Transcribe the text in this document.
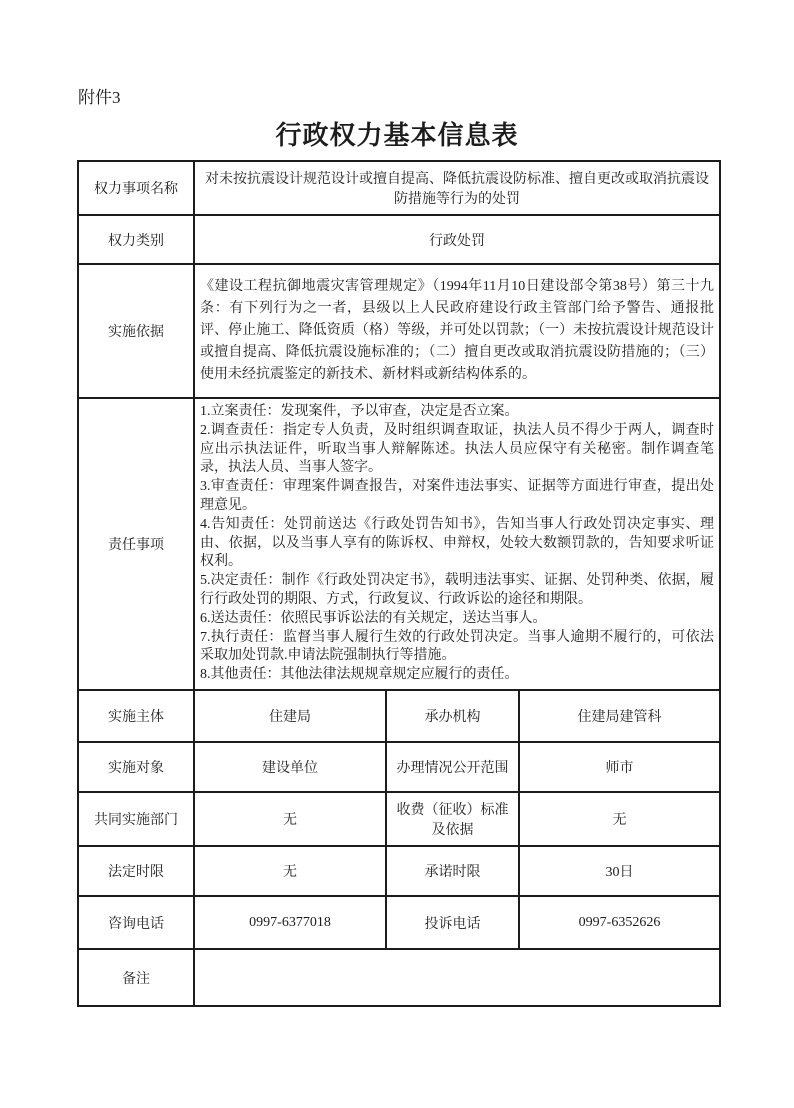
附件3
行政权力基本信息表
权力事项名称	对未按抗震设计规范设计或擅自提高、降低抗震设防标准、擅自更改或取消抗震设防措施等行为的处罚		
权力类别	行政处罚		
实施依据	《建设工程抗御地震灾害管理规定》（1994年11月10日建设部令第38号）第三十九条：有下列行为之一者，县级以上人民政府建设行政主管部门给予警告、通报批评、停止施工、降低资质（格）等级，并可处以罚款；（一）未按抗震设计规范设计或擅自提高、降低抗震设施标准的；（二）擅自更改或取消抗震设防措施的；（三）使用未经抗震鉴定的新技术、新材料或新结构体系的。		
责任事项	
1.立案责任：发现案件，予以审查，决定是否立案。
2.调查责任：指定专人负责，及时组织调查取证，执法人员不得少于两人，调查时应出示执法证件，听取当事人辩解陈述。执法人员应保守有关秘密。制作调查笔录，执法人员、当事人签字。
3.审查责任：审理案件调查报告，对案件违法事实、证据等方面进行审查，提出处理意见。
4.告知责任：处罚前送达《行政处罚告知书》，告知当事人行政处罚决定事实、理由、依据，以及当事人享有的陈诉权、申辩权，处较大数额罚款的，告知要求听证权利。
5.决定责任：制作《行政处罚决定书》，载明违法事实、证据、处罚种类、依据，履行行政处罚的期限、方式，行政复议、行政诉讼的途径和期限。
6.送达责任：依照民事诉讼法的有关规定，送达当事人。
7.执行责任：监督当事人履行生效的行政处罚决定。当事人逾期不履行的，可依法采取加处罚款.申请法院强制执行等措施。
8.其他责任：其他法律法规规章规定应履行的责任。

实施主体	住建局	承办机构	住建局建管科
实施对象	建设单位	办理情况公开范围	师市
共同实施部门	无	收费（征收）标准及依据	无
法定时限	无	承诺时限	30日
咨询电话	0997-6377018	投诉电话	0997-6352626
备注			
